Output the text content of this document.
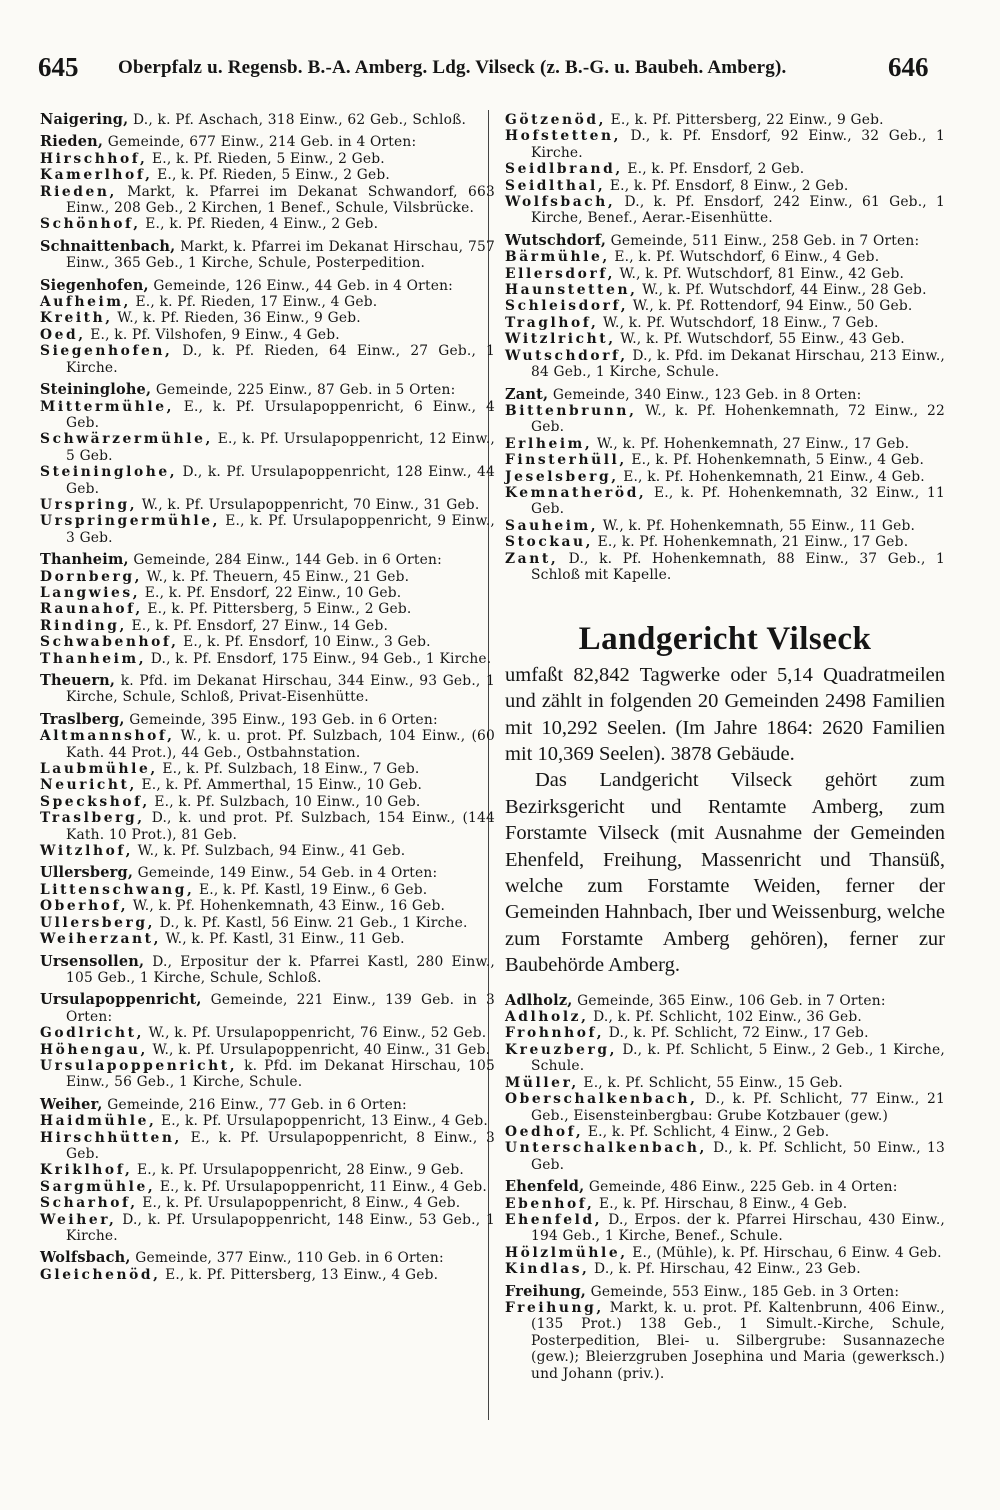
645 Oberpfalz u. Regensb. B.-A. Amberg. Ldg. Vilseck (z. B.-G. u. Baubeh. Amberg).	646
Naigering, D., k. Pf. Aschach, 318 Einw., 62 Geb., Schloß.
Rieden, Gemeinde, 677 Einw., 214 Geb. in 4 Orten:
Hirschhof, E., k. Pf. Rieden, 5 Einw., 2 Geb.
Kamerlhof, E., k. Pf. Rieden, 5 Einw., 2 Geb.
Rieden, Markt, k. Pfarrei im Dekanat Schwandorf, 663 Einw., 208 Geb., 2 Kirchen, 1 Benef., Schule, Vilsbrücke.
Schönhof, E., k. Pf. Rieden, 4 Einw., 2 Geb.
Schnaittenbach, Markt, k. Pfarrei im Dekanat Hirschau, 757 Einw., 365 Geb., 1 Kirche, Schule, Posterpedition.
Siegenhofen, Gemeinde, 126 Einw., 44 Geb. in 4 Orten:
Aufheim, E., k. Pf. Rieden, 17 Einw., 4 Geb.
Kreith, W., k. Pf. Rieden, 36 Einw., 9 Geb.
Oed, E., k. Pf. Vilshofen, 9 Einw., 4 Geb.
Siegenhofen, D., k. Pf. Rieden, 64 Einw., 27 Geb., 1 Kirche.
Steininglohe, Gemeinde, 225 Einw., 87 Geb. in 5 Orten:
Mittermühle, E., k. Pf. Ursulapoppenricht, 6 Einw., 4 Geb.
Schwärzermühle, E., k. Pf. Ursulapoppenricht, 12 Einw., 5 Geb.
Steininglohe, D., k. Pf. Ursulapoppenricht, 128 Einw., 44 Geb.
Urspring, W., k. Pf. Ursulapoppenricht, 70 Einw., 31 Geb.
Urspringermühle, E., k. Pf. Ursulapoppenricht, 9 Einw., 3 Geb.
Thanheim, Gemeinde, 284 Einw., 144 Geb. in 6 Orten:
Dornberg, W., k. Pf. Theuern, 45 Einw., 21 Geb.
Langwies, E., k. Pf. Ensdorf, 22 Einw., 10 Geb.
Raunahof, E., k. Pf. Pittersberg, 5 Einw., 2 Geb.
Rinding, E., k. Pf. Ensdorf, 27 Einw., 14 Geb.
Schwabenhof, E., k. Pf. Ensdorf, 10 Einw., 3 Geb.
Thanheim, D., k. Pf. Ensdorf, 175 Einw., 94 Geb., 1 Kirche.
Theuern, k. Pfd. im Dekanat Hirschau, 344 Einw., 93 Geb., 1 Kirche, Schule, Schloß, Privat-Eisenhütte.
Traslberg, Gemeinde, 395 Einw., 193 Geb. in 6 Orten:
Altmannshof, W., k. u. prot. Pf. Sulzbach, 104 Einw., (60 Kath. 44 Prot.), 44 Geb., Ostbahnstation.
Laubmühle, E., k. Pf. Sulzbach, 18 Einw., 7 Geb.
Neuricht, E., k. Pf. Ammerthal, 15 Einw., 10 Geb.
Speckshof, E., k. Pf. Sulzbach, 10 Einw., 10 Geb.
Traslberg, D., k. und prot. Pf. Sulzbach, 154 Einw., (144 Kath. 10 Prot.), 81 Geb.
Witzlhof, W., k. Pf. Sulzbach, 94 Einw., 41 Geb.
Ullersberg, Gemeinde, 149 Einw., 54 Geb. in 4 Orten:
Littenschwang, E., k. Pf. Kastl, 19 Einw., 6 Geb.
Oberhof, W., k. Pf. Hohenkemnath, 43 Einw., 16 Geb.
Ullersberg, D., k. Pf. Kastl, 56 Einw. 21 Geb., 1 Kirche.
Weiherzant, W., k. Pf. Kastl, 31 Einw., 11 Geb.
Ursensollen, D., Erpositur der k. Pfarrei Kastl, 280 Einw., 105 Geb., 1 Kirche, Schule, Schloß.
Ursulapoppenricht, Gemeinde, 221 Einw., 139 Geb. in 3 Orten:
Godlricht, W., k. Pf. Ursulapoppenricht, 76 Einw., 52 Geb.
Höhengau, W., k. Pf. Ursulapoppenricht, 40 Einw., 31 Geb.
Ursulapoppenricht, k. Pfd. im Dekanat Hirschau, 105 Einw., 56 Geb., 1 Kirche, Schule.
Weiher, Gemeinde, 216 Einw., 77 Geb. in 6 Orten:
Haidmühle, E., k. Pf. Ursulapoppenricht, 13 Einw., 4 Geb.
Hirschhütten, E., k. Pf. Ursulapoppenricht, 8 Einw., 3 Geb.
Kriklhof, E., k. Pf. Ursulapoppenricht, 28 Einw., 9 Geb.
Sargmühle, E., k. Pf. Ursulapoppenricht, 11 Einw., 4 Geb.
Scharhof, E., k. Pf. Ursulapoppenricht, 8 Einw., 4 Geb.
Weiher, D., k. Pf. Ursulapoppenricht, 148 Einw., 53 Geb., 1 Kirche.
Wolfsbach, Gemeinde, 377 Einw., 110 Geb. in 6 Orten:
Gleichenöd, E., k. Pf. Pittersberg, 13 Einw., 4 Geb.
Götzenöd, E., k. Pf. Pittersberg, 22 Einw., 9 Geb.
Hofstetten, D., k. Pf. Ensdorf, 92 Einw., 32 Geb., 1 Kirche.
Seidlbrand, E., k. Pf. Ensdorf, 2 Geb.
Seidlthal, E., k. Pf. Ensdorf, 8 Einw., 2 Geb.
Wolfsbach, D., k. Pf. Ensdorf, 242 Einw., 61 Geb., 1 Kirche, Benef., Aerar.-Eisenhütte.
Wutschdorf, Gemeinde, 511 Einw., 258 Geb. in 7 Orten:
Bärmühle, E., k. Pf. Wutschdorf, 6 Einw., 4 Geb.
Ellersdorf, W., k. Pf. Wutschdorf, 81 Einw., 42 Geb.
Haunstetten, W., k. Pf. Wutschdorf, 44 Einw., 28 Geb.
Schleisdorf, W., k. Pf. Rottendorf, 94 Einw., 50 Geb.
Traglhof, W., k. Pf. Wutschdorf, 18 Einw., 7 Geb.
Witzlricht, W., k. Pf. Wutschdorf, 55 Einw., 43 Geb.
Wutschdorf, D., k. Pfd. im Dekanat Hirschau, 213 Einw., 84 Geb., 1 Kirche, Schule.
Zant, Gemeinde, 340 Einw., 123 Geb. in 8 Orten:
Bittenbrunn, W., k. Pf. Hohenkemnath, 72 Einw., 22 Geb.
Erlheim, W., k. Pf. Hohenkemnath, 27 Einw., 17 Geb.
Finsterhüll, E., k. Pf. Hohenkemnath, 5 Einw., 4 Geb.
Jeselsberg, E., k. Pf. Hohenkemnath, 21 Einw., 4 Geb.
Kemnatheröd, E., k. Pf. Hohenkemnath, 32 Einw., 11 Geb.
Sauheim, W., k. Pf. Hohenkemnath, 55 Einw., 11 Geb.
Stockau, E., k. Pf. Hohenkemnath, 21 Einw., 17 Geb.
Zant, D., k. Pf. Hohenkemnath, 88 Einw., 37 Geb., 1 Schloß mit Kapelle.
Landgericht Vilseck

umfaßt 82,842 Tagwerke oder 5,14 Quadratmeilen und zählt in folgenden 20 Gemeinden 2498 Familien mit 10,292 Seelen. (Im Jahre 1864: 2620 Familien mit 10,369 Seelen). 3878 Gebäude.

Das Landgericht Vilseck gehört zum Bezirksgericht und Rentamte Amberg, zum Forstamte Vilseck (mit Ausnahme der Gemeinden Ehenfeld, Freihung, Massenricht und Thansüß, welche zum Forstamte Weiden, ferner der Gemeinden Hahnbach, Iber und Weissenburg, welche zum Forstamte Amberg gehören), ferner zur Baubehörde Amberg.

Adlholz, Gemeinde, 365 Einw., 106 Geb. in 7 Orten:
Adlholz, D., k. Pf. Schlicht, 102 Einw., 36 Geb.
Frohnhof, D., k. Pf. Schlicht, 72 Einw., 17 Geb.
Kreuzberg, D., k. Pf. Schlicht, 5 Einw., 2 Geb., 1 Kirche, Schule.
Müller, E., k. Pf. Schlicht, 55 Einw., 15 Geb.
Oberschalkenbach, D., k. Pf. Schlicht, 77 Einw., 21 Geb., Eisensteinbergbau: Grube Kotzbauer (gew.)
Oedhof, E., k. Pf. Schlicht, 4 Einw., 2 Geb.
Unterschalkenbach, D., k. Pf. Schlicht, 50 Einw., 13 Geb.
Ehenfeld, Gemeinde, 486 Einw., 225 Geb. in 4 Orten:
Ebenhof, E., k. Pf. Hirschau, 8 Einw., 4 Geb.
Ehenfeld, D., Erpos. der k. Pfarrei Hirschau, 430 Einw., 194 Geb., 1 Kirche, Benef., Schule.
Hölzlmühle, E., (Mühle), k. Pf. Hirschau, 6 Einw. 4 Geb.
Kindlas, D., k. Pf. Hirschau, 42 Einw., 23 Geb.
Freihung, Gemeinde, 553 Einw., 185 Geb. in 3 Orten:
Freihung, Markt, k. u. prot. Pf. Kaltenbrunn, 406 Einw., (135 Prot.) 138 Geb., 1 Simult.-Kirche, Schule, Posterpedition, Blei- u. Silbergrube: Susannazeche (gew.); Bleierzgruben Josephina und Maria (gewerksch.) und Johann (priv.).
